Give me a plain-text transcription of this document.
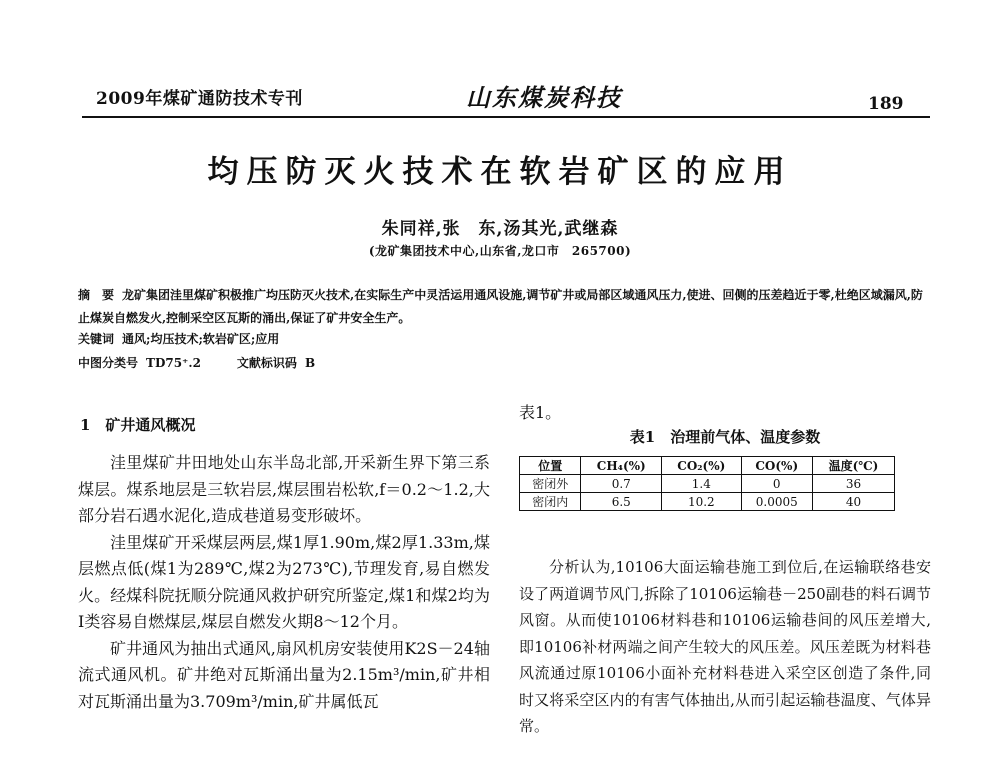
2009年煤矿通防技术专刊	山东煤炭科技	189
均压防灭火技术在软岩矿区的应用
朱同祥,张　东,汤其光,武继森
(龙矿集团技术中心,山东省,龙口市　265700)

摘　要 龙矿集团洼里煤矿积极推广均压防灭火技术,在实际生产中灵活运用通风设施,调节矿井或局部区域通风压力,使进、回侧的压差趋近于零,杜绝区域漏风,防止煤炭自燃发火,控制采空区瓦斯的涌出,保证了矿井安全生产。

关键词 通风;均压技术;软岩矿区;应用
中图分类号 TD75⁺.2	文献标识码 B
1　矿井通风概况

洼里煤矿井田地处山东半岛北部,开采新生界下第三系煤层。煤系地层是三软岩层,煤层围岩松软,f＝0.2～1.2,大部分岩石遇水泥化,造成巷道易变形破坏。

洼里煤矿开采煤层两层,煤1厚1.90m,煤2厚1.33m,煤层燃点低(煤1为289℃,煤2为273℃),节理发育,易自燃发火。经煤科院抚顺分院通风救护研究所鉴定,煤1和煤2均为Ⅰ类容易自燃煤层,煤层自燃发火期8～12个月。

矿井通风为抽出式通风,扇风机房安装使用K2S－24轴流式通风机。矿井绝对瓦斯涌出量为2.15m³/min,矿井相对瓦斯涌出量为3.709m³/min,矿井属低瓦

表1。
表1　治理前气体、温度参数
位置	CH₄(%)	CO₂(%)	CO(%)	温度(℃)
密闭外	0.7	1.4	0	36
密闭内	6.5	10.2	0.0005	40

分析认为,10106大面运输巷施工到位后,在运输联络巷安设了两道调节风门,拆除了10106运输巷－250副巷的料石调节风窗。从而使10106材料巷和10106运输巷间的风压差增大,即10106补材两端之间产生较大的风压差。风压差既为材料巷风流通过原10106小面补充材料巷进入采空区创造了条件,同时又将采空区内的有害气体抽出,从而引起运输巷温度、气体异常。
